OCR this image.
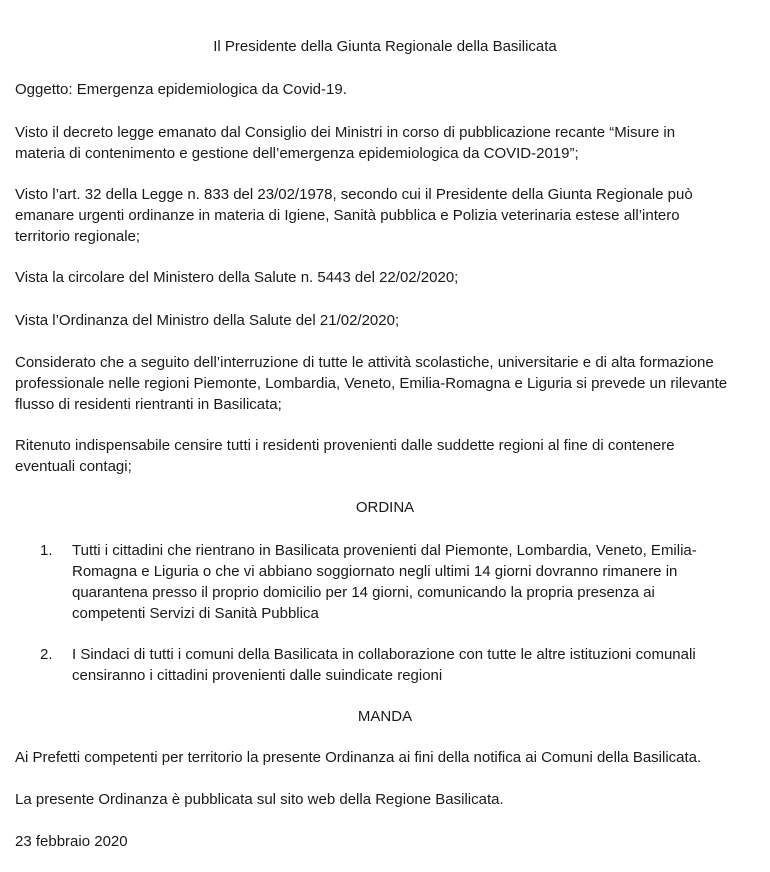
Il Presidente della Giunta Regionale della Basilicata
Oggetto: Emergenza epidemiologica da Covid-19.
Visto il decreto legge emanato dal Consiglio dei Ministri in corso di pubblicazione recante “Misure in
materia di contenimento e gestione dell’emergenza epidemiologica da COVID-2019”;
Visto l’art. 32 della Legge n. 833 del 23/02/1978, secondo cui il Presidente della Giunta Regionale può
emanare urgenti ordinanze in materia di Igiene, Sanità pubblica e Polizia veterinaria estese all’intero
territorio regionale;
Vista la circolare del Ministero della Salute n. 5443 del 22/02/2020;
Vista l’Ordinanza del Ministro della Salute del 21/02/2020;
Considerato che a seguito dell’interruzione di tutte le attività scolastiche, universitarie e di alta formazione
professionale nelle regioni Piemonte, Lombardia, Veneto, Emilia-Romagna e Liguria si prevede un rilevante
flusso di residenti rientranti in Basilicata;
Ritenuto indispensabile censire tutti i residenti provenienti dalle suddette regioni al fine di contenere
eventuali contagi;
ORDINA
1. Tutti i cittadini che rientrano in Basilicata provenienti dal Piemonte, Lombardia, Veneto, Emilia-
Romagna e Liguria o che vi abbiano soggiornato negli ultimi 14 giorni dovranno rimanere in
quarantena presso il proprio domicilio per 14 giorni, comunicando la propria presenza ai
competenti Servizi di Sanità Pubblica
2. I Sindaci di tutti i comuni della Basilicata in collaborazione con tutte le altre istituzioni comunali
censiranno i cittadini provenienti dalle suindicate regioni
MANDA
Ai Prefetti competenti per territorio la presente Ordinanza ai fini della notifica ai Comuni della Basilicata.
La presente Ordinanza è pubblicata sul sito web della Regione Basilicata.
23 febbraio 2020
